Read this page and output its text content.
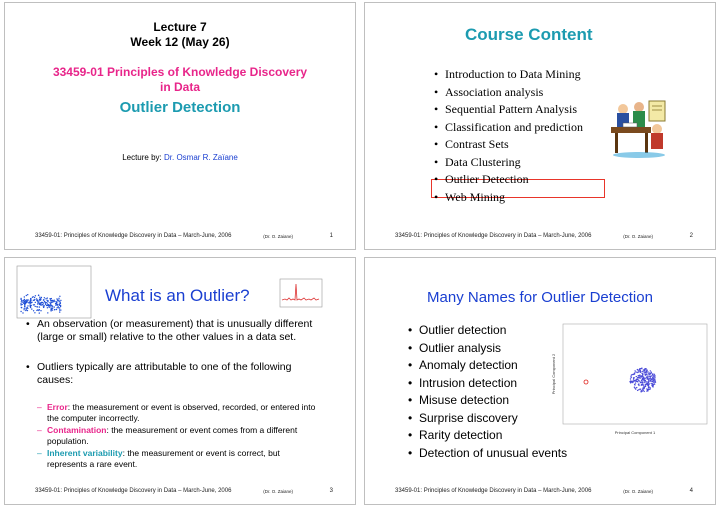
Lecture 7
Week 12 (May 26)
33459-01 Principles of Knowledge Discovery
in Data
Outlier Detection
Lecture by: Dr. Osmar R. Zaïane
33459-01: Principles of Knowledge Discovery in Data – March-June, 2006	(Dr. O. Zaiane)	1
Course Content
• Introduction to Data Mining
• Association analysis
• Sequential Pattern Analysis
• Classification and prediction
• Contrast Sets
• Data Clustering
• Outlier Detection
• Web Mining
33459-01: Principles of Knowledge Discovery in Data – March-June, 2006	(Dr. O. Zaiane)	2
What is an Outlier?
• An observation (or measurement) that is unusually different (large or small) relative to the other values in a data set.
• Outliers typically are attributable to one of the following causes:
– Error: the measurement or event is observed, recorded, or entered into the computer incorrectly.
– Contamination: the measurement or event comes from a different population.
– Inherent variability: the measurement or event is correct, but represents a rare event.
33459-01: Principles of Knowledge Discovery in Data – March-June, 2006	(Dr. O. Zaiane)	3
Many Names for Outlier Detection
• Outlier detection
• Outlier analysis
• Anomaly detection
• Intrusion detection
• Misuse detection
• Surprise discovery
• Rarity detection
• Detection of unusual events
Principal Component 1
Principal Component 2
33459-01: Principles of Knowledge Discovery in Data – March-June, 2006	(Dr. O. Zaiane)	4
